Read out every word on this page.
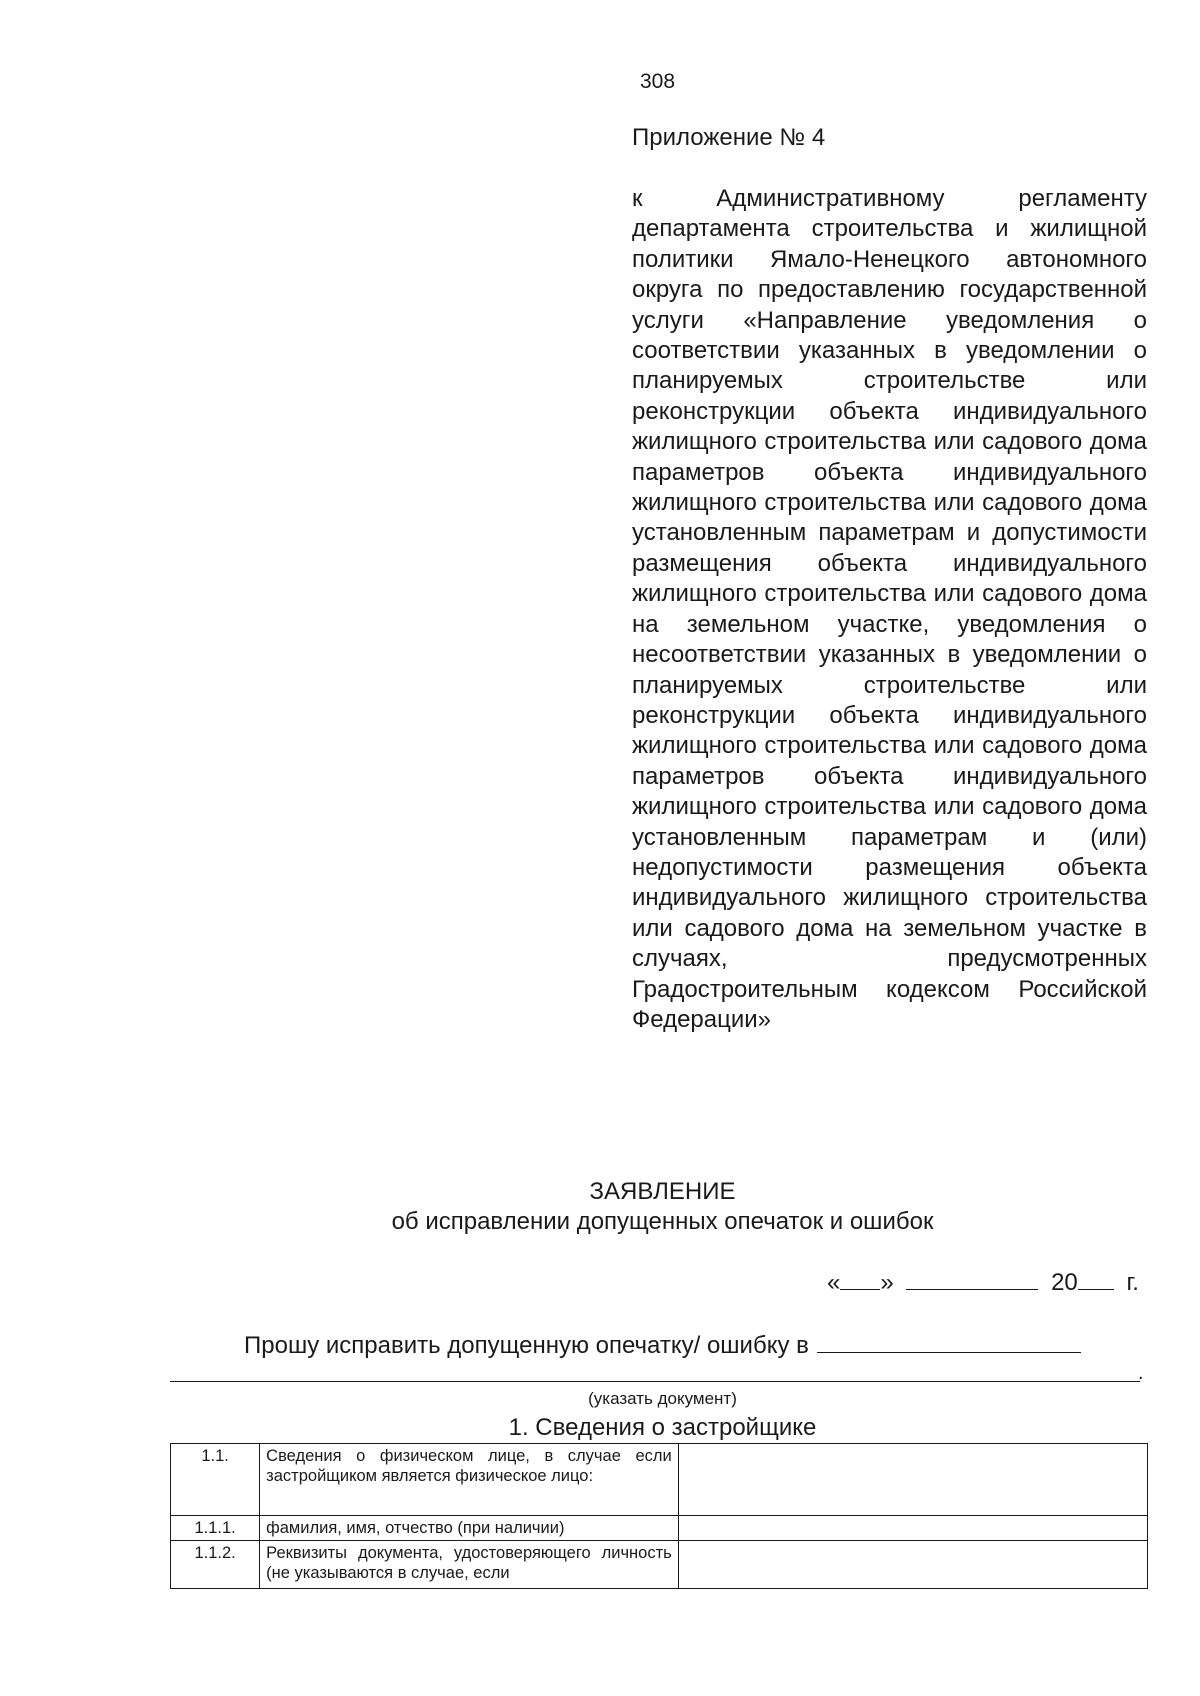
308
Приложение № 4

к Административному регламенту департамента строительства и жилищной политики Ямало-Ненецкого автономного округа по предоставлению государственной услуги «Направление уведомления о соответствии указанных в уведомлении о планируемых строительстве или реконструкции объекта индивидуального жилищного строительства или садового дома параметров объекта индивидуального жилищного строительства или садового дома установленным параметрам и допустимости размещения объекта индивидуального жилищного строительства или садового дома на земельном участке, уведомления о несоответствии указанных в уведомлении о планируемых строительстве или реконструкции объекта индивидуального жилищного строительства или садового дома параметров объекта индивидуального жилищного строительства или садового дома установленным параметрам и (или) недопустимости размещения объекта индивидуального жилищного строительства или садового дома на земельном участке в случаях, предусмотренных Градостроительным кодексом Российской Федерации»

ЗАЯВЛЕНИЕ
об исправлении допущенных опечаток и ошибок
« »	20 г.
Прошу исправить допущенную опечатку/ ошибку в
.
(указать документ)
1. Сведения о застройщике
1.1.	Сведения о физическом лице, в случае если застройщиком является физическое лицо:	
1.1.1.	фамилия, имя, отчество (при наличии)	
1.1.2.	Реквизиты документа, удостоверяющего личность (не указываются в случае, если	
